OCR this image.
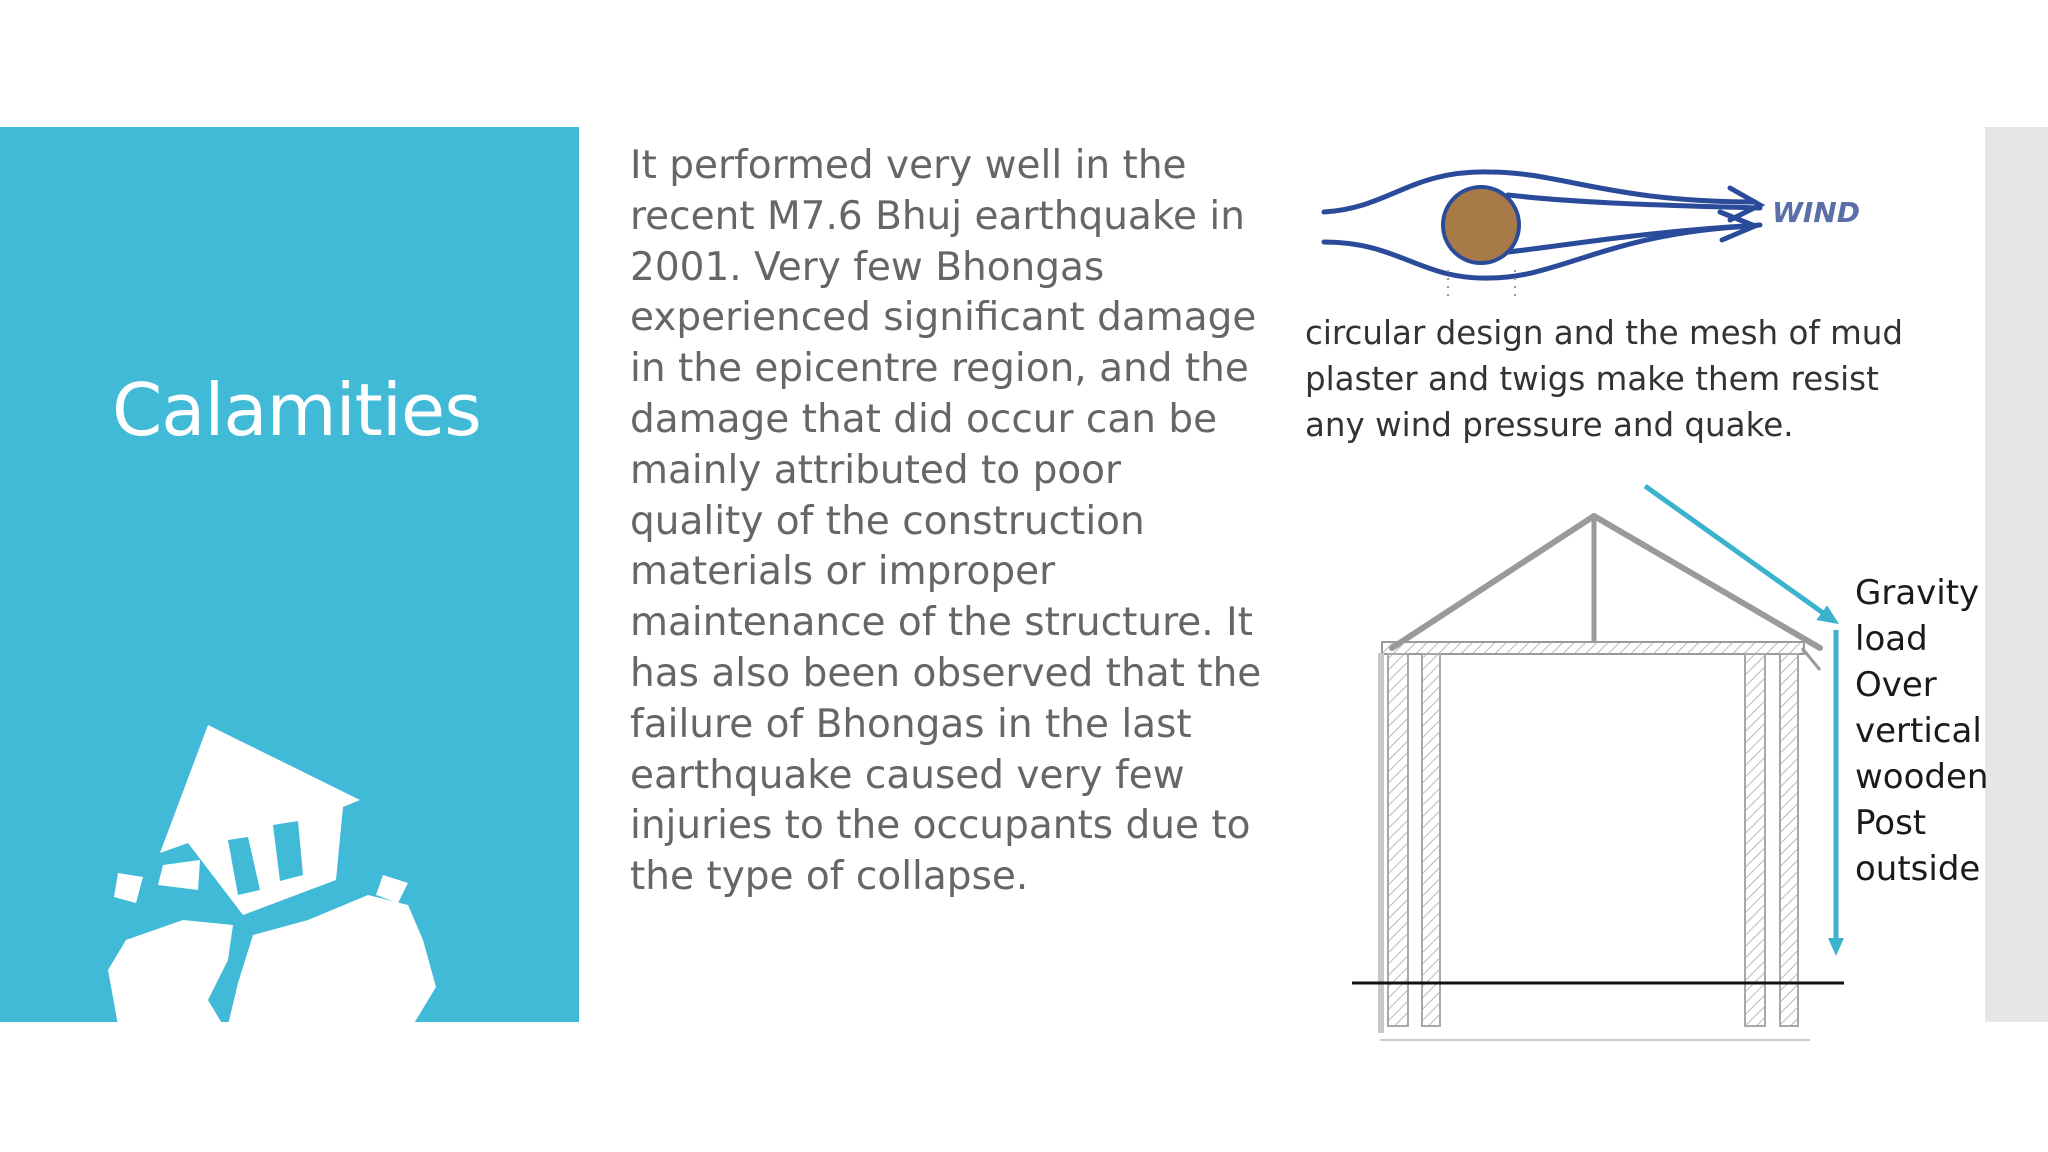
Calamities
It performed very well in the
recent M7.6 Bhuj earthquake in
2001. Very few Bhongas
experienced significant damage
in the epicentre region, and the
damage that did occur can be
mainly attributed to poor
quality of the construction
materials or improper
maintenance of the structure. It
has also been observed that the
failure of Bhongas in the last
earthquake caused very few
injuries to the occupants due to
the type of collapse.
WIND
circular design and the mesh of mud
plaster and twigs make them resist
any wind pressure and quake.
Gravity
load
Over
vertical
wooden
Post
outside
